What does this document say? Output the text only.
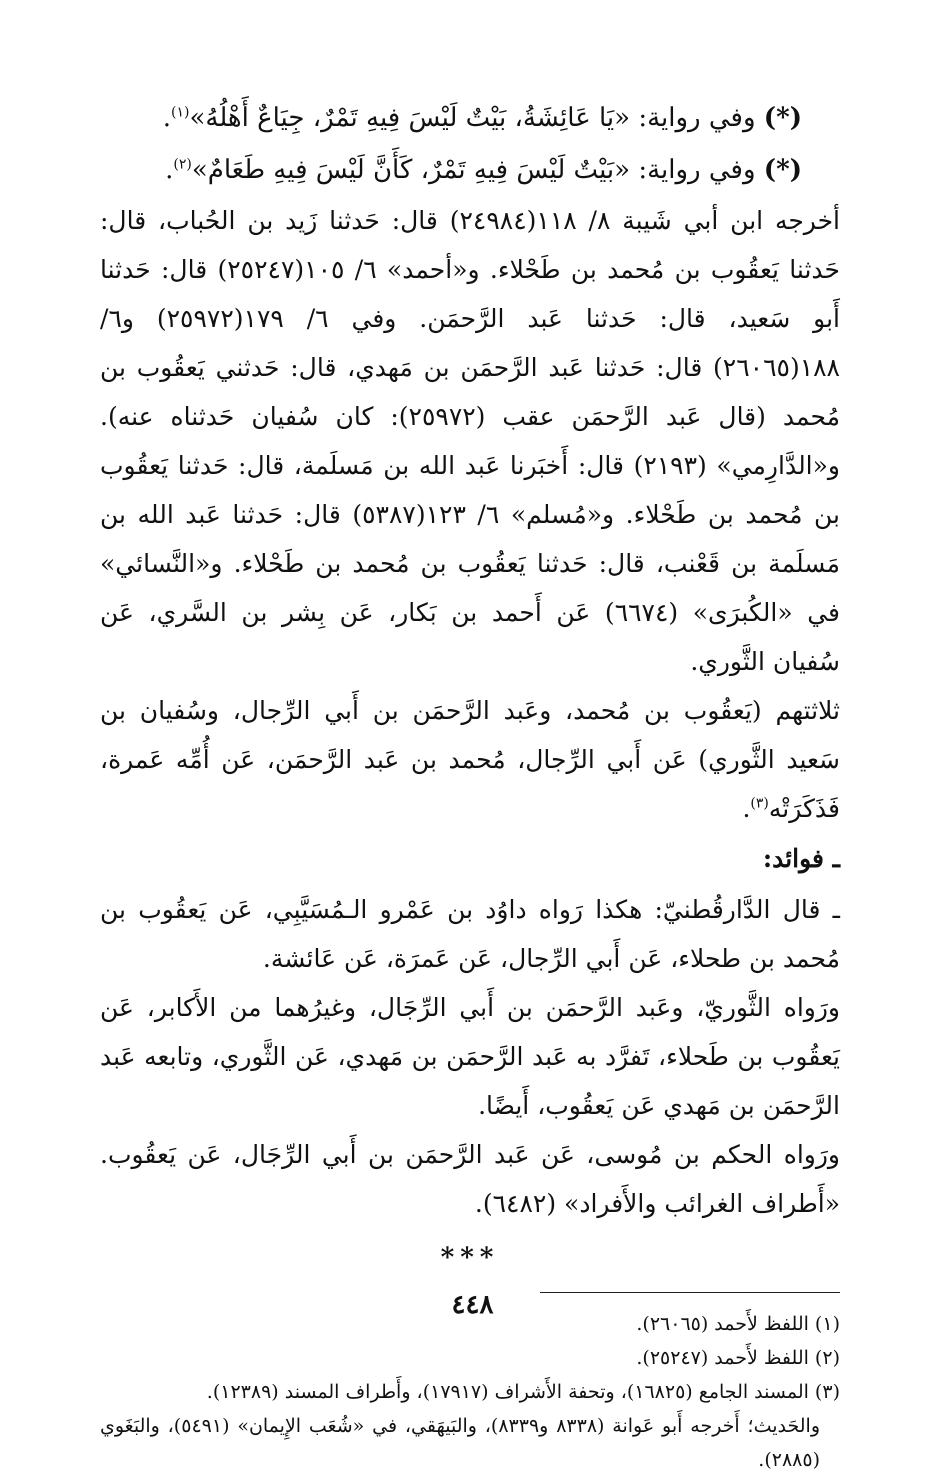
(*) وفي رواية: «يَا عَائِشَةُ، بَيْتٌ لَيْسَ فِيهِ تَمْرٌ، جِيَاعٌ أَهْلُهُ»$^{(١)}$.

(*) وفي رواية: «بَيْتٌ لَيْسَ فِيهِ تَمْرٌ، كَأَنَّ لَيْسَ فِيهِ طَعَامٌ»$^{(٢)}$.

أخرجه ابن أبي شَيبة ٨/ ١١٨(٢٤٩٨٤) قال: حَدثنا زَيد بن الحُباب، قال: حَدثنا يَعقُوب بن مُحمد بن طَحْلاء. و«أحمد» ٦/ ١٠٥(٢٥٢٤٧) قال: حَدثنا أَبو سَعيد، قال: حَدثنا عَبد الرَّحمَن. وفي ٦/ ١٧٩(٢٥٩٧٢) و٦/ ١٨٨(٢٦٠٦٥) قال: حَدثنا عَبد الرَّحمَن بن مَهدي، قال: حَدثني يَعقُوب بن مُحمد (قال عَبد الرَّحمَن عقب (٢٥٩٧٢): كان سُفيان حَدثناه عنه). و«الدَّارِمي» (٢١٩٣) قال: أَخبَرنا عَبد الله بن مَسلَمة، قال: حَدثنا يَعقُوب بن مُحمد بن طَحْلاء. و«مُسلم» ٦/ ١٢٣(٥٣٨٧) قال: حَدثنا عَبد الله بن مَسلَمة بن قَعْنب، قال: حَدثنا يَعقُوب بن مُحمد بن طَحْلاء. و«النَّسائي» في «الكُبرَى» (٦٦٧٤) عَن أَحمد بن بَكار، عَن بِشر بن السَّري، عَن سُفيان الثَّوري.

ثلاثتهم (يَعقُوب بن مُحمد، وعَبد الرَّحمَن بن أَبي الرِّجال، وسُفيان بن سَعيد الثَّوري) عَن أَبي الرِّجال، مُحمد بن عَبد الرَّحمَن، عَن أُمِّه عَمرة، فَذَكَرَتْه$^{(٣)}$.

ـ فوائد:

ـ قال الدَّارقُطنيّ: هكذا رَواه داوُد بن عَمْرو الـمُسَيَّبِي، عَن يَعقُوب بن مُحمد بن طحلاء، عَن أَبي الرِّجال، عَن عَمرَة، عَن عَائشة.

ورَواه الثَّوريّ، وعَبد الرَّحمَن بن أَبي الرِّجَال، وغيرُهما من الأَكابر، عَن يَعقُوب بن طَحلاء، تَفرَّد به عَبد الرَّحمَن بن مَهدي، عَن الثَّوري، وتابعه عَبد الرَّحمَن بن مَهدي عَن يَعقُوب، أَيضًا.

ورَواه الحكم بن مُوسى، عَن عَبد الرَّحمَن بن أَبي الرِّجَال، عَن يَعقُوب. «أَطراف الغرائب والأَفراد» (٦٤٨٢).

***

(١) اللفظ لأَحمد (٢٦٠٦٥).

(٢) اللفظ لأَحمد (٢٥٢٤٧).

(٣) المسند الجامع (١٦٨٢٥)، وتحفة الأَشراف (١٧٩١٧)، وأَطراف المسند (١٢٣٨٩).

والحَديث؛ أَخرجه أَبو عَوانة (٨٣٣٨ و٨٣٣٩)، والبَيهَقي، في «شُعَب الإِيمان» (٥٤٩١)، والبَغَوي (٢٨٨٥).

٤٤٨
